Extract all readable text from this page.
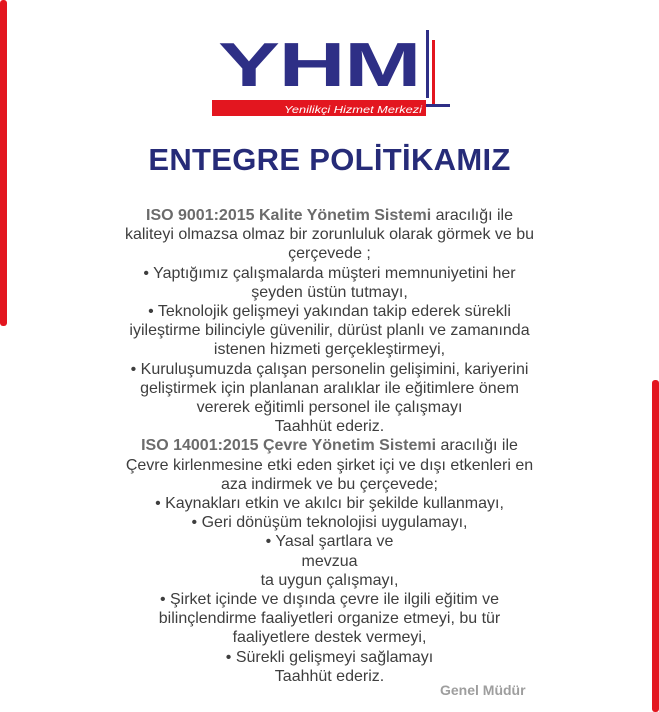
YHM
Yenilikçi Hizmet Merkezi
ENTEGRE POLİTİKAMIZ
ISO 9001:2015 Kalite Yönetim Sistemi aracılığı ile
kaliteyi olmazsa olmaz bir zorunluluk olarak görmek ve bu
çerçevede ;
• Yaptığımız çalışmalarda müşteri memnuniyetini her
şeyden üstün tutmayı,
• Teknolojik gelişmeyi yakından takip ederek sürekli
iyileştirme bilinciyle güvenilir, dürüst planlı ve zamanında
istenen hizmeti gerçekleştirmeyi,
• Kuruluşumuzda çalışan personelin gelişimini, kariyerini
geliştirmek için planlanan aralıklar ile eğitimlere önem
vererek eğitimli personel ile çalışmayı
Taahhüt ederiz.
ISO 14001:2015 Çevre Yönetim Sistemi aracılığı ile
Çevre kirlenmesine etki eden şirket içi ve dışı etkenleri en
aza indirmek ve bu çerçevede;
• Kaynakları etkin ve akılcı bir şekilde kullanmayı,
• Geri dönüşüm teknolojisi uygulamayı,
• Yasal şartlara ve
mevzua
ta uygun çalışmayı,
• Şirket içinde ve dışında çevre ile ilgili eğitim ve
bilinçlendirme faaliyetleri organize etmeyi, bu tür
faaliyetlere destek vermeyi,
• Sürekli gelişmeyi sağlamayı
Taahhüt ederiz.
Genel Müdür
